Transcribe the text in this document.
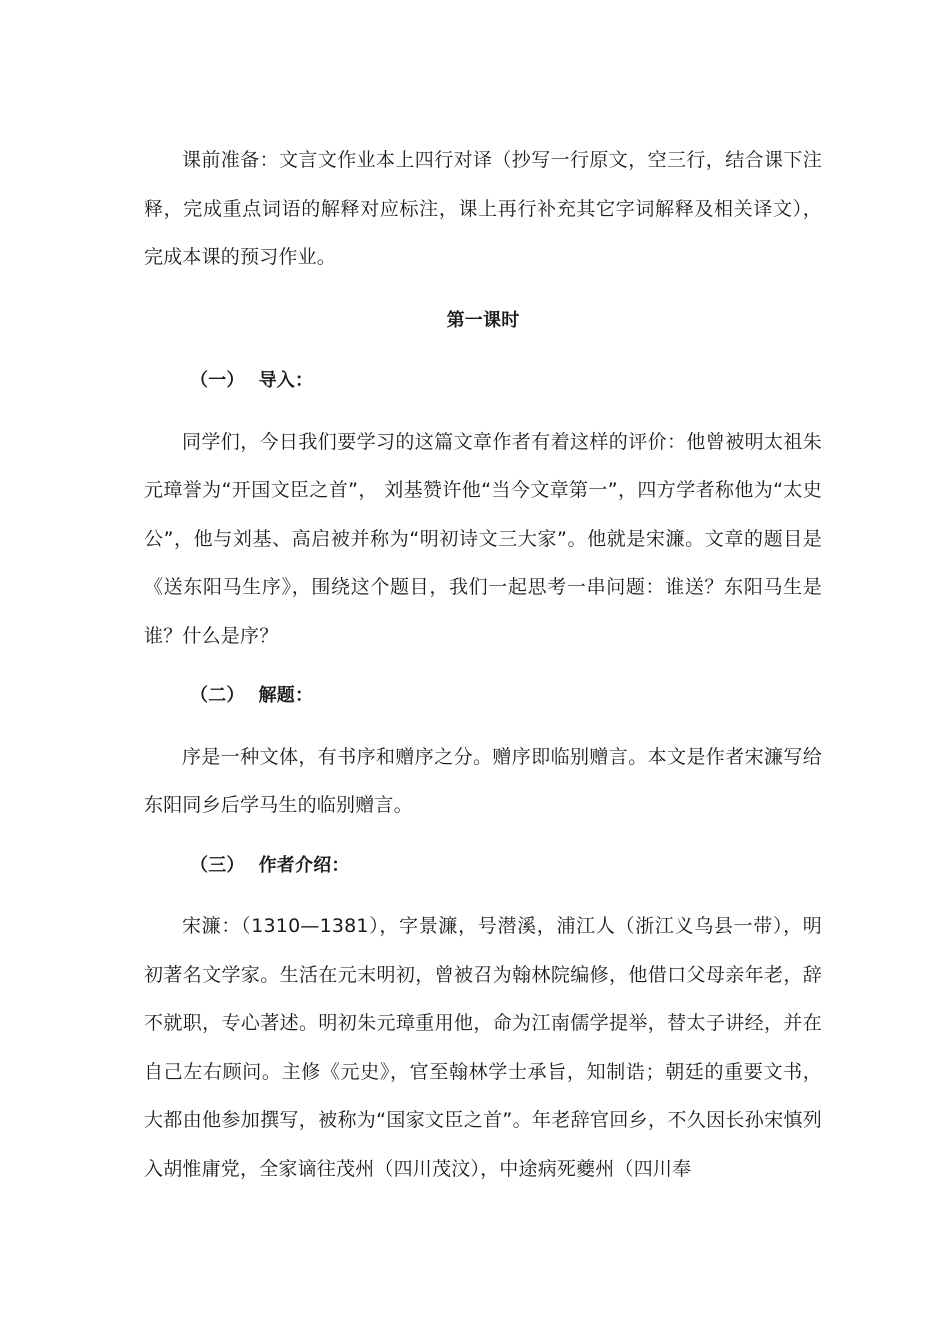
课前准备：文言文作业本上四行对译（抄写一行原文，空三行，结合课下注释，完成重点词语的解释对应标注，课上再行补充其它字词解释及相关译文），完成本课的预习作业。

第一课时

（一） 导入：

同学们，今日我们要学习的这篇文章作者有着这样的评价：他曾被明太祖朱元璋誉为“开国文臣之首”， 刘基赞许他“当今文章第一”，四方学者称他为“太史公”，他与刘基、高启被并称为“明初诗文三大家”。他就是宋濂。文章的题目是《送东阳马生序》，围绕这个题目，我们一起思考一串问题：谁送？东阳马生是谁？什么是序？

（二） 解题：

序是一种文体，有书序和赠序之分。赠序即临别赠言。本文是作者宋濂写给东阳同乡后学马生的临别赠言。

（三） 作者介绍：

宋濂：（1310—1381），字景濂，号潜溪，浦江人（浙江义乌县一带），明初著名文学家。生活在元末明初，曾被召为翰林院编修，他借口父母亲年老，辞不就职，专心著述。明初朱元璋重用他，命为江南儒学提举，替太子讲经，并在自己左右顾问。主修《元史》，官至翰林学士承旨，知制诰；朝廷的重要文书，大都由他参加撰写，被称为“国家文臣之首”。年老辞官回乡，不久因长孙宋慎列入胡惟庸党，全家谪往茂州（四川茂汶），中途病死夔州（四川奉
